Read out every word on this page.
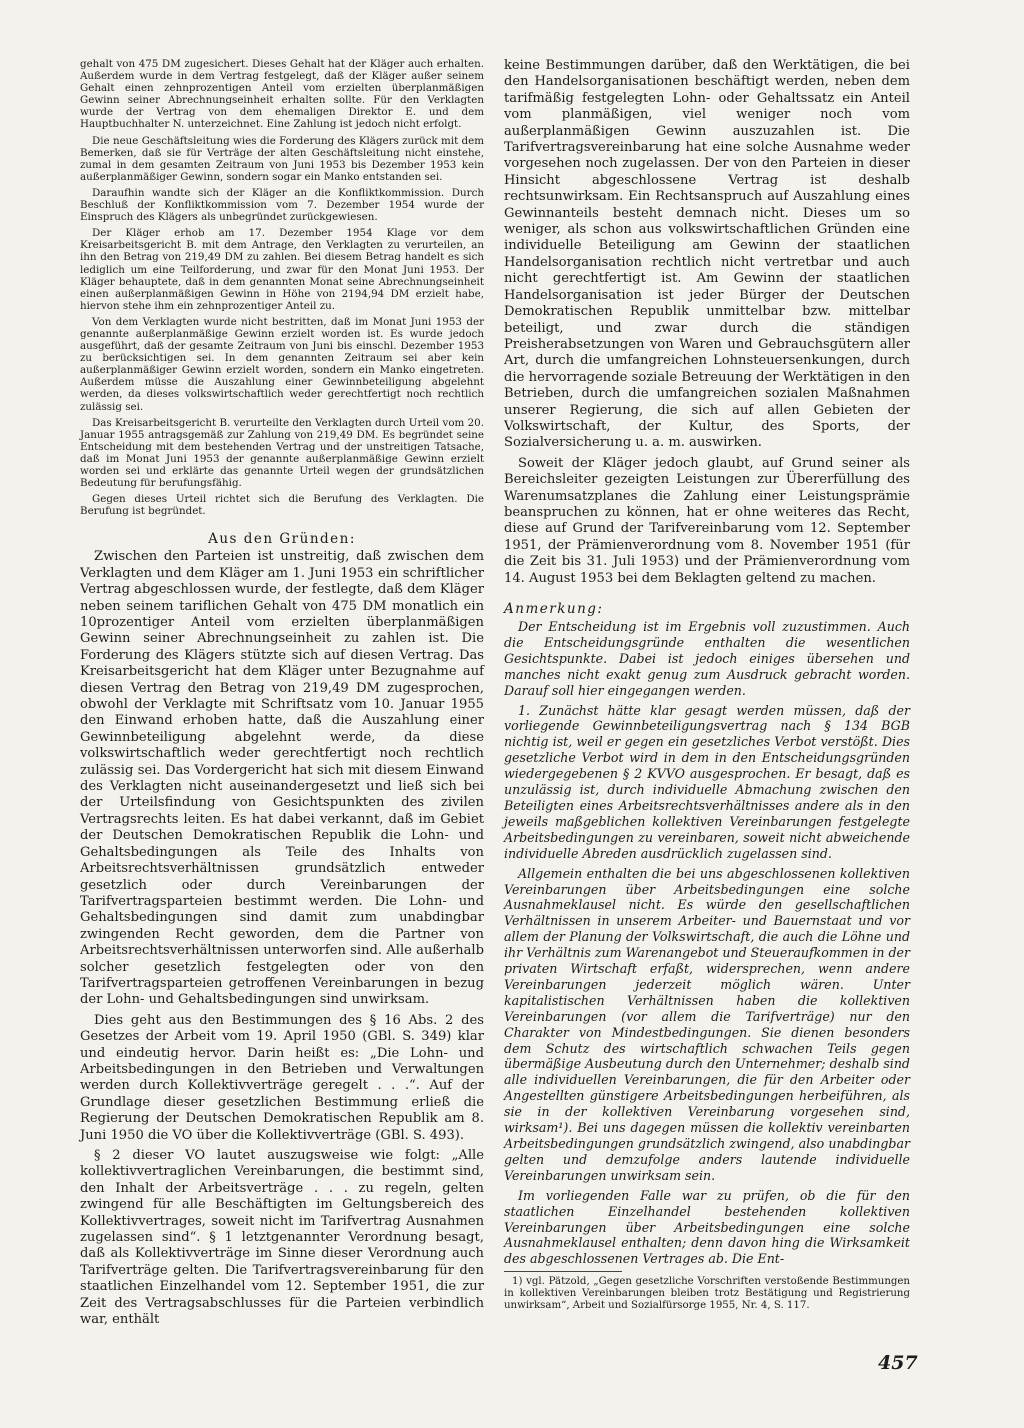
gehalt von 475 DM zugesichert. Dieses Gehalt hat der Kläger auch erhalten. Außerdem wurde in dem Vertrag festgelegt, daß der Kläger außer seinem Gehalt einen zehnprozentigen Anteil vom erzielten überplanmäßigen Gewinn seiner Abrechnungseinheit erhalten sollte. Für den Verklagten wurde der Vertrag von dem ehemaligen Direktor E. und dem Hauptbuchhalter N. unterzeichnet. Eine Zahlung ist jedoch nicht erfolgt.

Die neue Geschäftsleitung wies die Forderung des Klägers zurück mit dem Bemerken, daß sie für Verträge der alten Geschäftsleitung nicht einstehe, zumal in dem gesamten Zeitraum von Juni 1953 bis Dezember 1953 kein außerplanmäßiger Gewinn, sondern sogar ein Manko entstanden sei.

Daraufhin wandte sich der Kläger an die Konfliktkommission. Durch Beschluß der Konfliktkommission vom 7. Dezember 1954 wurde der Einspruch des Klägers als unbegründet zurückgewiesen.

Der Kläger erhob am 17. Dezember 1954 Klage vor dem Kreisarbeitsgericht B. mit dem Antrage, den Verklagten zu verurteilen, an ihn den Betrag von 219,49 DM zu zahlen. Bei diesem Betrag handelt es sich lediglich um eine Teilforderung, und zwar für den Monat Juni 1953. Der Kläger behauptete, daß in dem genannten Monat seine Abrechnungseinheit einen außerplanmäßigen Gewinn in Höhe von 2194,94 DM erzielt habe, hiervon stehe ihm ein zehnprozentiger Anteil zu.

Von dem Verklagten wurde nicht bestritten, daß im Monat Juni 1953 der genannte außerplanmäßige Gewinn erzielt worden ist. Es wurde jedoch ausgeführt, daß der gesamte Zeitraum von Juni bis einschl. Dezember 1953 zu berücksichtigen sei. In dem genannten Zeitraum sei aber kein außerplanmäßiger Gewinn erzielt worden, sondern ein Manko eingetreten. Außerdem müsse die Auszahlung einer Gewinnbeteiligung abgelehnt werden, da dieses volkswirtschaftlich weder gerechtfertigt noch rechtlich zulässig sei.

Das Kreisarbeitsgericht B. verurteilte den Verklagten durch Urteil vom 20. Januar 1955 antragsgemäß zur Zahlung von 219,49 DM. Es begründet seine Entscheidung mit dem bestehenden Vertrag und der unstreitigen Tatsache, daß im Monat Juni 1953 der genannte außerplanmäßige Gewinn erzielt worden sei und erklärte das genannte Urteil wegen der grundsätzlichen Bedeutung für berufungsfähig.

Gegen dieses Urteil richtet sich die Berufung des Verklagten. Die Berufung ist begründet.

Aus den Gründen:

Zwischen den Parteien ist unstreitig, daß zwischen dem Verklagten und dem Kläger am 1. Juni 1953 ein schriftlicher Vertrag abgeschlossen wurde, der festlegte, daß dem Kläger neben seinem tariflichen Gehalt von 475 DM monatlich ein 10prozentiger Anteil vom erzielten überplanmäßigen Gewinn seiner Abrechnungseinheit zu zahlen ist. Die Forderung des Klägers stützte sich auf diesen Vertrag. Das Kreisarbeitsgericht hat dem Kläger unter Bezugnahme auf diesen Vertrag den Betrag von 219,49 DM zugesprochen, obwohl der Verklagte mit Schriftsatz vom 10. Januar 1955 den Einwand erhoben hatte, daß die Auszahlung einer Gewinnbeteiligung abgelehnt werde, da diese volkswirtschaftlich weder gerechtfertigt noch rechtlich zulässig sei. Das Vordergericht hat sich mit diesem Einwand des Verklagten nicht auseinandergesetzt und ließ sich bei der Urteilsfindung von Gesichtspunkten des zivilen Vertragsrechts leiten. Es hat dabei verkannt, daß im Gebiet der Deutschen Demokratischen Republik die Lohn- und Gehaltsbedingungen als Teile des Inhalts von Arbeitsrechtsverhältnissen grundsätzlich entweder gesetzlich oder durch Vereinbarungen der Tarifvertragsparteien bestimmt werden. Die Lohn- und Gehaltsbedingungen sind damit zum unabdingbar zwingenden Recht geworden, dem die Partner von Arbeitsrechtsverhältnissen unterworfen sind. Alle außerhalb solcher gesetzlich festgelegten oder von den Tarifvertragsparteien getroffenen Vereinbarungen in bezug der Lohn- und Gehaltsbedingungen sind unwirksam.

Dies geht aus den Bestimmungen des § 16 Abs. 2 des Gesetzes der Arbeit vom 19. April 1950 (GBl. S. 349) klar und eindeutig hervor. Darin heißt es: „Die Lohn- und Arbeitsbedingungen in den Betrieben und Verwaltungen werden durch Kollektivverträge geregelt . . .“. Auf der Grundlage dieser gesetzlichen Bestimmung erließ die Regierung der Deutschen Demokratischen Republik am 8. Juni 1950 die VO über die Kollektivverträge (GBl. S. 493).

§ 2 dieser VO lautet auszugsweise wie folgt: „Alle kollektivvertraglichen Vereinbarungen, die bestimmt sind, den Inhalt der Arbeitsverträge . . . zu regeln, gelten zwingend für alle Beschäftigten im Geltungsbereich des Kollektivvertrages, soweit nicht im Tarifvertrag Ausnahmen zugelassen sind“. § 1 letztgenannter Verordnung besagt, daß als Kollektivverträge im Sinne dieser Verordnung auch Tarifverträge gelten. Die Tarifvertragsvereinbarung für den staatlichen Einzelhandel vom 12. September 1951, die zur Zeit des Vertragsabschlusses für die Parteien verbindlich war, enthält

keine Bestimmungen darüber, daß den Werktätigen, die bei den Handelsorganisationen beschäftigt werden, neben dem tarifmäßig festgelegten Lohn- oder Gehaltssatz ein Anteil vom planmäßigen, viel weniger noch vom außerplanmäßigen Gewinn auszuzahlen ist. Die Tarifvertragsvereinbarung hat eine solche Ausnahme weder vorgesehen noch zugelassen. Der von den Parteien in dieser Hinsicht abgeschlossene Vertrag ist deshalb rechtsunwirksam. Ein Rechtsanspruch auf Auszahlung eines Gewinnanteils besteht demnach nicht. Dieses um so weniger, als schon aus volkswirtschaftlichen Gründen eine individuelle Beteiligung am Gewinn der staatlichen Handelsorganisation rechtlich nicht vertretbar und auch nicht gerechtfertigt ist. Am Gewinn der staatlichen Handelsorganisation ist jeder Bürger der Deutschen Demokratischen Republik unmittelbar bzw. mittelbar beteiligt, und zwar durch die ständigen Preisherabsetzungen von Waren und Gebrauchsgütern aller Art, durch die umfangreichen Lohnsteuersenkungen, durch die hervorragende soziale Betreuung der Werktätigen in den Betrieben, durch die umfangreichen sozialen Maßnahmen unserer Regierung, die sich auf allen Gebieten der Volkswirtschaft, der Kultur, des Sports, der Sozialversicherung u. a. m. auswirken.

Soweit der Kläger jedoch glaubt, auf Grund seiner als Bereichsleiter gezeigten Leistungen zur Übererfüllung des Warenumsatzplanes die Zahlung einer Leistungsprämie beanspruchen zu können, hat er ohne weiteres das Recht, diese auf Grund der Tarifvereinbarung vom 12. September 1951, der Prämienverordnung vom 8. November 1951 (für die Zeit bis 31. Juli 1953) und der Prämienverordnung vom 14. August 1953 bei dem Beklagten geltend zu machen.

Anmerkung:

Der Entscheidung ist im Ergebnis voll zuzustimmen. Auch die Entscheidungsgründe enthalten die wesentlichen Gesichtspunkte. Dabei ist jedoch einiges übersehen und manches nicht exakt genug zum Ausdruck gebracht worden. Darauf soll hier eingegangen werden.

1. Zunächst hätte klar gesagt werden müssen, daß der vorliegende Gewinnbeteiligungsvertrag nach § 134 BGB nichtig ist, weil er gegen ein gesetzliches Verbot verstößt. Dies gesetzliche Verbot wird in dem in den Entscheidungsgründen wiedergegebenen § 2 KVVO ausgesprochen. Er besagt, daß es unzulässig ist, durch individuelle Abmachung zwischen den Beteiligten eines Arbeitsrechtsverhältnisses andere als in den jeweils maßgeblichen kollektiven Vereinbarungen festgelegte Arbeitsbedingungen zu vereinbaren, soweit nicht abweichende individuelle Abreden ausdrücklich zugelassen sind.

Allgemein enthalten die bei uns abgeschlossenen kollektiven Vereinbarungen über Arbeitsbedingungen eine solche Ausnahmeklausel nicht. Es würde den gesellschaftlichen Verhältnissen in unserem Arbeiter- und Bauernstaat und vor allem der Planung der Volkswirtschaft, die auch die Löhne und ihr Verhältnis zum Warenangebot und Steueraufkommen in der privaten Wirtschaft erfaßt, widersprechen, wenn andere Vereinbarungen jederzeit möglich wären. Unter kapitalistischen Verhältnissen haben die kollektiven Vereinbarungen (vor allem die Tarifverträge) nur den Charakter von Mindestbedingungen. Sie dienen besonders dem Schutz des wirtschaftlich schwachen Teils gegen übermäßige Ausbeutung durch den Unternehmer; deshalb sind alle individuellen Vereinbarungen, die für den Arbeiter oder Angestellten günstigere Arbeitsbedingungen herbeiführen, als sie in der kollektiven Vereinbarung vorgesehen sind, wirksam¹). Bei uns dagegen müssen die kollektiv vereinbarten Arbeitsbedingungen grundsätzlich zwingend, also unabdingbar gelten und demzufolge anders lautende individuelle Vereinbarungen unwirksam sein.

Im vorliegenden Falle war zu prüfen, ob die für den staatlichen Einzelhandel bestehenden kollektiven Vereinbarungen über Arbeitsbedingungen eine solche Ausnahmeklausel enthalten; denn davon hing die Wirksamkeit des abgeschlossenen Vertrages ab. Die Ent-

1) vgl. Pätzold, „Gegen gesetzliche Vorschriften verstoßende Bestimmungen in kollektiven Vereinbarungen bleiben trotz Bestätigung und Registrierung unwirksam“, Arbeit und Sozialfürsorge 1955, Nr. 4, S. 117.

457
